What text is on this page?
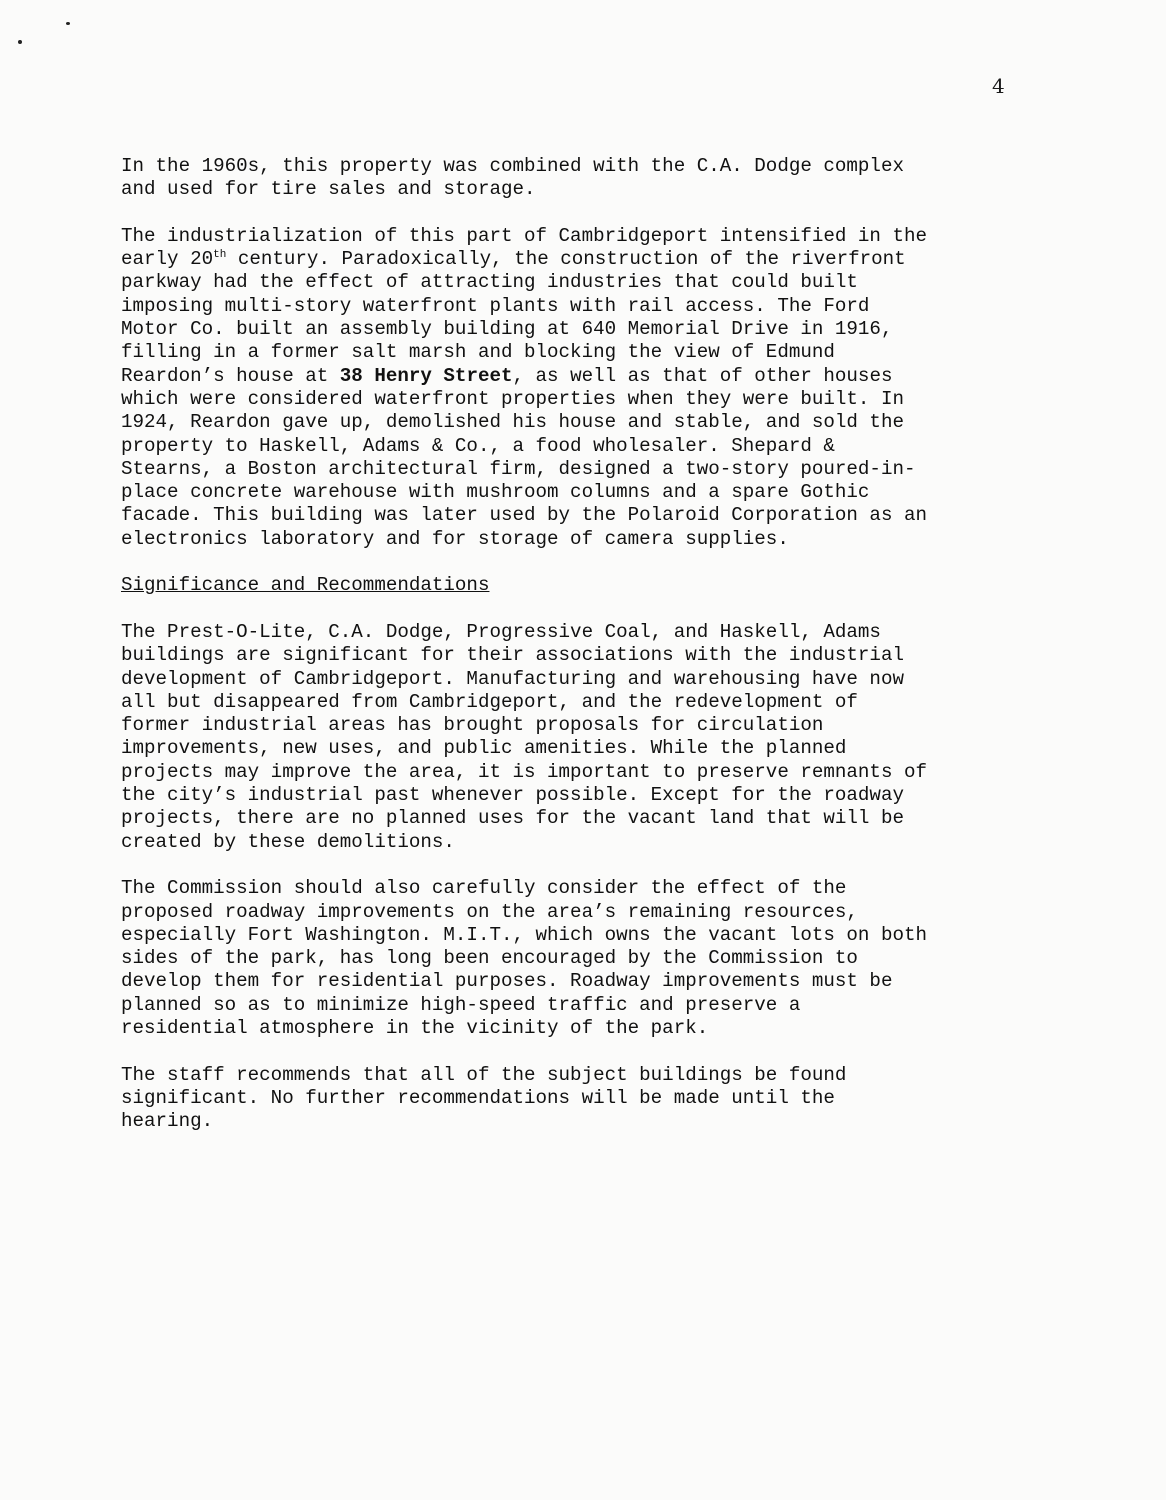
4
In the 1960s, this property was combined with the C.A. Dodge complex
and used for tire sales and storage.
The industrialization of this part of Cambridgeport intensified in the
early 20th century. Paradoxically, the construction of the riverfront
parkway had the effect of attracting industries that could built
imposing multi-story waterfront plants with rail access. The Ford
Motor Co. built an assembly building at 640 Memorial Drive in 1916,
filling in a former salt marsh and blocking the view of Edmund
Reardon’s house at 38 Henry Street, as well as that of other houses
which were considered waterfront properties when they were built. In
1924, Reardon gave up, demolished his house and stable, and sold the
property to Haskell, Adams & Co., a food wholesaler. Shepard &
Stearns, a Boston architectural firm, designed a two-story poured-in-
place concrete warehouse with mushroom columns and a spare Gothic
facade. This building was later used by the Polaroid Corporation as an
electronics laboratory and for storage of camera supplies.
Significance and Recommendations
The Prest-O-Lite, C.A. Dodge, Progressive Coal, and Haskell, Adams
buildings are significant for their associations with the industrial
development of Cambridgeport. Manufacturing and warehousing have now
all but disappeared from Cambridgeport, and the redevelopment of
former industrial areas has brought proposals for circulation
improvements, new uses, and public amenities. While the planned
projects may improve the area, it is important to preserve remnants of
the city’s industrial past whenever possible. Except for the roadway
projects, there are no planned uses for the vacant land that will be
created by these demolitions.
The Commission should also carefully consider the effect of the
proposed roadway improvements on the area’s remaining resources,
especially Fort Washington. M.I.T., which owns the vacant lots on both
sides of the park, has long been encouraged by the Commission to
develop them for residential purposes. Roadway improvements must be
planned so as to minimize high-speed traffic and preserve a
residential atmosphere in the vicinity of the park.
The staff recommends that all of the subject buildings be found
significant. No further recommendations will be made until the
hearing.
